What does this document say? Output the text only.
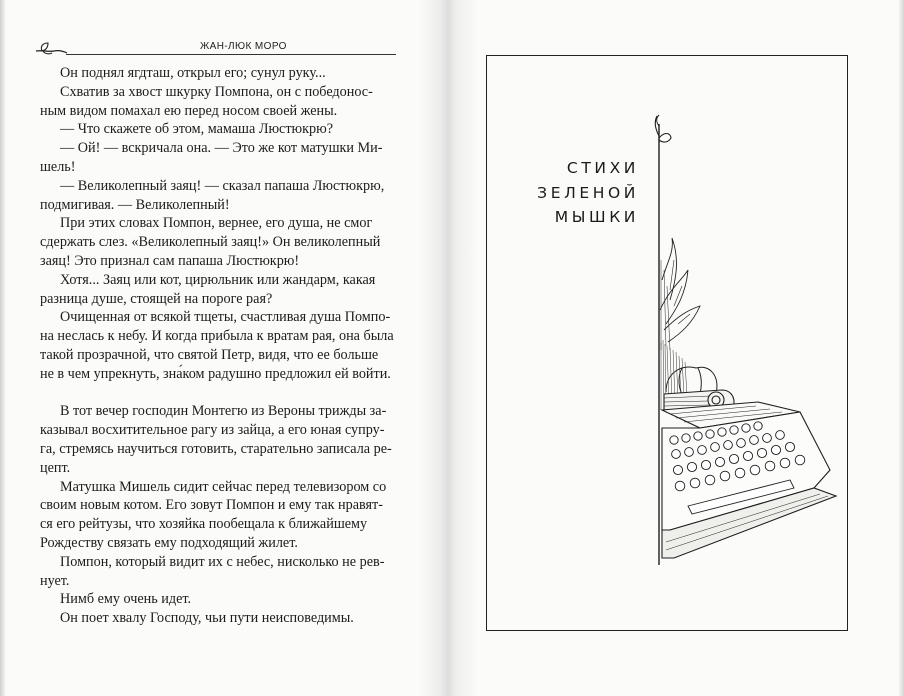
ЖАН-ЛЮК МОРО

Он поднял ягдташ, открыл его; сунул руку...

Схватив за хвост шкурку Помпона, он с победонос-
ным видом помахал ею перед носом своей жены.

— Что скажете об этом, мамаша Люстюкрю?

— Ой! — вскричала она. — Это же кот матушки Ми-
шель!

— Великолепный заяц! — сказал папаша Люстюкрю,
подмигивая. — Великолепный!

При этих словах Помпон, вернее, его душа, не смог
сдержать слез. «Великолепный заяц!» Он великолепный
заяц! Это признал сам папаша Люстюкрю!

Хотя... Заяц или кот, цирюльник или жандарм, какая
разница душе, стоящей на пороге рая?

Очищенная от всякой тщеты, счастливая душа Помпо-
на неслась к небу. И когда прибыла к вратам рая, она была
такой прозрачной, что святой Петр, видя, что ее больше
не в чем упрекнуть, зна́ком радушно предложил ей войти.

В тот вечер господин Монтегю из Вероны трижды за-
казывал восхитительное рагу из зайца, а его юная супру-
га, стремясь научиться готовить, старательно записала ре-
цепт.

Матушка Мишель сидит сейчас перед телевизором со
своим новым котом. Его зовут Помпон и ему так нравят-
ся его рейтузы, что хозяйка пообещала к ближайшему
Рождеству связать ему подходящий жилет.

Помпон, который видит их с небес, нисколько не рев-
нует.

Нимб ему очень идет.

Он поет хвалу Господу, чьи пути неисповедимы.

СТИХИ
ЗЕЛЕНОЙ
МЫШКИ
